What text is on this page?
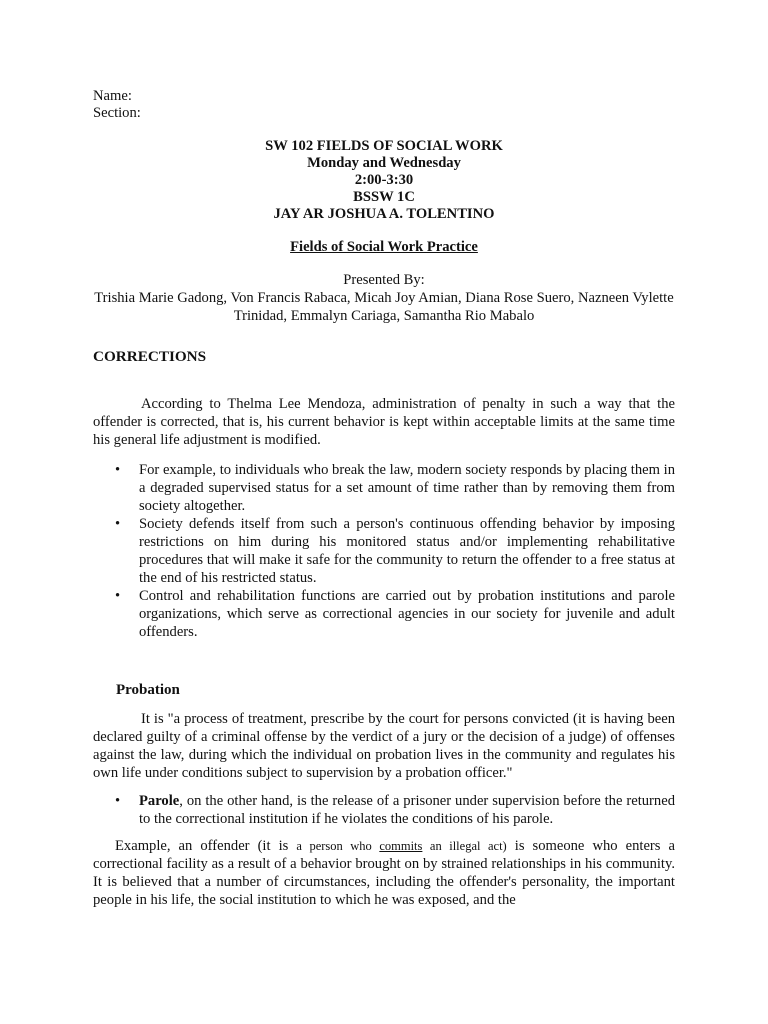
Name:
Section:
SW 102 FIELDS OF SOCIAL WORK
Monday and Wednesday
2:00-3:30
BSSW 1C
JAY AR JOSHUA A. TOLENTINO
Fields of Social Work Practice
Presented By:
Trishia Marie Gadong, Von Francis Rabaca, Micah Joy Amian, Diana Rose Suero, Nazneen Vylette Trinidad, Emmalyn Cariaga, Samantha Rio Mabalo
CORRECTIONS
According to Thelma Lee Mendoza, administration of penalty in such a way that the offender is corrected, that is, his current behavior is kept within acceptable limits at the same time his general life adjustment is modified.
• For example, to individuals who break the law, modern society responds by placing them in a degraded supervised status for a set amount of time rather than by removing them from society altogether.
• Society defends itself from such a person's continuous offending behavior by imposing restrictions on him during his monitored status and/or implementing rehabilitative procedures that will make it safe for the community to return the offender to a free status at the end of his restricted status.
• Control and rehabilitation functions are carried out by probation institutions and parole organizations, which serve as correctional agencies in our society for juvenile and adult offenders.
Probation
It is "a process of treatment, prescribe by the court for persons convicted (it is having been declared guilty of a criminal offense by the verdict of a jury or the decision of a judge) of offenses against the law, during which the individual on probation lives in the community and regulates his own life under conditions subject to supervision by a probation officer."
• Parole, on the other hand, is the release of a prisoner under supervision before the returned to the correctional institution if he violates the conditions of his parole.
Example, an offender (it is a person who commits an illegal act) is someone who enters a correctional facility as a result of a behavior brought on by strained relationships in his community. It is believed that a number of circumstances, including the offender's personality, the important people in his life, the social institution to which he was exposed, and the
